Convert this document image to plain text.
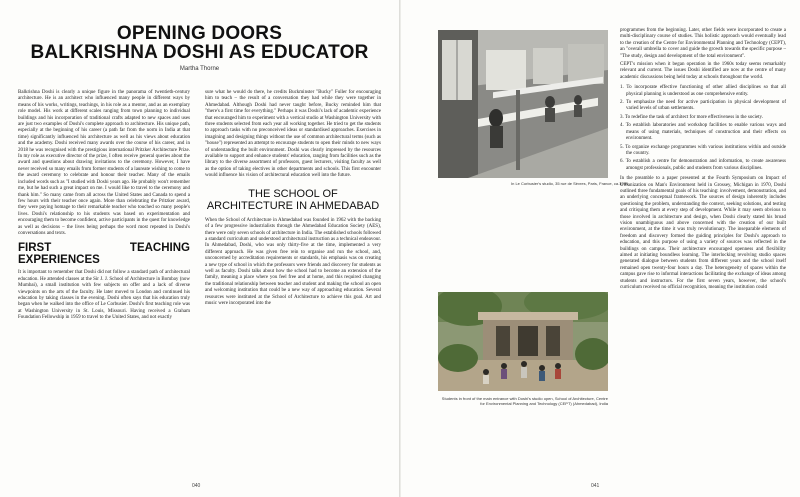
OPENING DOORS
BALKRISHNA DOSHI AS EDUCATOR
Martha Thorne

Balkrishna Doshi is clearly a unique figure in the panorama of twentieth-century architecture. He is an architect who influenced many people in different ways by means of his works, writings, teachings, in his role as a mentor, and as an exemplary role model. His work at different scales ranging from town planning to individual buildings and his incorporation of traditional crafts adapted to new spaces and uses are just two examples of Doshi's complete approach to architecture. His unique path, especially at the beginning of his career (a path far from the norm in India at that time) significantly influenced his architecture as well as his views about education and the academy. Doshi received many awards over the course of his career, and in 2018 he was recognised with the prestigious international Pritzker Architecture Prize. In my role as executive director of the prize, I often receive general queries about the award and questions about drawing invitations to the ceremony. However, I have never received so many emails from former students of a laureate wishing to come to the award ceremony to celebrate and honour their teacher. Many of the emails included words such as "I studied with Doshi years ago. He probably won't remember me, but he had such a great impact on me. I would like to travel to the ceremony and thank him." So many came from all across the United States and Canada to spend a few hours with their teacher once again. More than celebrating the Pritzker award, they were paying homage to their remarkable teacher who touched so many people's lives. Doshi's relationship to his students was based on experimentation and encouraging them to become confident, active participants in the quest for knowledge as well as decisions – the lives being perhaps the word most repeated in Doshi's conversations and texts.

FIRST TEACHING EXPERIENCES

It is important to remember that Doshi did not follow a standard path of architectural education. He attended classes at the Sir J. J. School of Architecture in Bombay (now Mumbai), a small institution with few subjects on offer and a lack of diverse viewpoints on the arts of the faculty. He later moved to London and continued his education by taking classes in the evening. Doshi often says that his education truly began when he walked into the office of Le Corbusier. Doshi's first teaching role was at Washington University in St. Louis, Missouri. Having received a Graham Foundation Fellowship in 1959 to travel to the United States, and not exactly

sure what he would do there, he credits Buckminster "Bucky" Fuller for encouraging him to teach – the result of a conversation they had while they were together in Ahmedabad. Although Doshi had never taught before, Bucky reminded him that "there's a first time for everything." Perhaps it was Doshi's lack of academic experience that encouraged him to experiment with a vertical studio at Washington University with three students selected from each year all working together. He tried to get the students to approach tasks with no preconceived ideas or standardised approaches. Exercises in imagining and designing things without the use of common architectural terms (such as "house") represented an attempt to encourage students to open their minds to new ways of understanding the built environment. Doshi was clearly impressed by the resources available to support and enhance students' education, ranging from facilities such as the library to the diverse assortment of professors, guest lecturers, visiting faculty as well as the option of taking electives in other departments and schools. This first encounter would influence his vision of architectural education well into the future.

THE SCHOOL OF ARCHITECTURE IN AHMEDABAD

When the School of Architecture in Ahmedabad was founded in 1962 with the backing of a few progressive industrialists through the Ahmedabad Education Society (AES), there were only seven schools of architecture in India. The established schools followed a standard curriculum and understood architectural instruction as a technical endeavour. In Ahmedabad, Doshi, who was only thirty-five at the time, implemented a very different approach. He was given free rein to organise and run the school, and, unconcerned by accreditation requirements or standards, his emphasis was on creating a new type of school in which the professors were friends and discovery for students as well as faculty. Doshi talks about how the school had to become an extension of the family, meaning a place where you feel free and at home, and this required changing the traditional relationship between teacher and student and making the school an open and welcoming institution that could be a new way of approaching education. Several resources were instituted at the School of Architecture to achieve this goal. Art and music were incorporated into the

040
In Le Corbusier's studio, 35 rue de Sèvres, Paris, France, ca.1955
Students in front of the main entrance with Doshi's studio open, School of Architecture, Centre for Environmental Planning and Technology (CEPT) (Ahmedabad), India

programmes from the beginning. Later, other fields were incorporated to create a multi-disciplinary course of studies. This holistic approach would eventually lead to the creation of the Centre for Environmental Planning and Technology (CEPT), an "overall umbrella to cover and guide the growth towards the specific purpose – "The study, design and development of the total environment".

CEPT's mission when it began operation in the 1960s today seems remarkably relevant and current. The issues Doshi identified are now at the centre of many academic discussions being held today at schools throughout the world.

1. To incorporate effective functioning of other allied disciplines so that all physical planning is understood as one comprehensive entity.
2. To emphasize the need for active participation in physical development of varied levels of urban settlements.
3. To redefine the task of architect for more effectiveness in the society.
4. To establish laboratories and workshop facilities to enable various ways and means of using materials, techniques of construction and their effects on environment.
5. To organize exchange programmes with various institutions within and outside the country.
6. To establish a centre for demonstration and information, to create awareness amongst professionals, public and students from various disciplines.

In the preamble to a paper presented at the Fourth Symposium on Impact of Urbanization on Man's Environment held in Grossey, Michigan in 1970, Doshi outlined three fundamental goals of his teaching: involvement, demonstration, and an underlying conceptual framework. The sources of design inherently includes questioning the problem, understanding the context, seeking solutions, and testing and critiquing them at every step of development. While it may seem obvious to those involved in architecture and design, when Doshi clearly stated his broad vision unambiguous and above concerned with the creation of our built environment, at the time it was truly revolutionary. The inseparable elements of freedom and discovery formed the guiding principles for Doshi's approach to education, and this purpose of using a variety of sources was reflected in the buildings on campus. Their architecture encouraged openness and flexibility aimed at initiating boundless learning. The interlocking revolving studio spaces generated dialogue between students from different years and the school itself remained open twenty-four hours a day. The heterogeneity of spaces within the campus gave rise to informal interactions facilitating the exchange of ideas among students and instructors. For the first seven years, however, the school's curriculum received no official recognition, meaning the institution could

041
